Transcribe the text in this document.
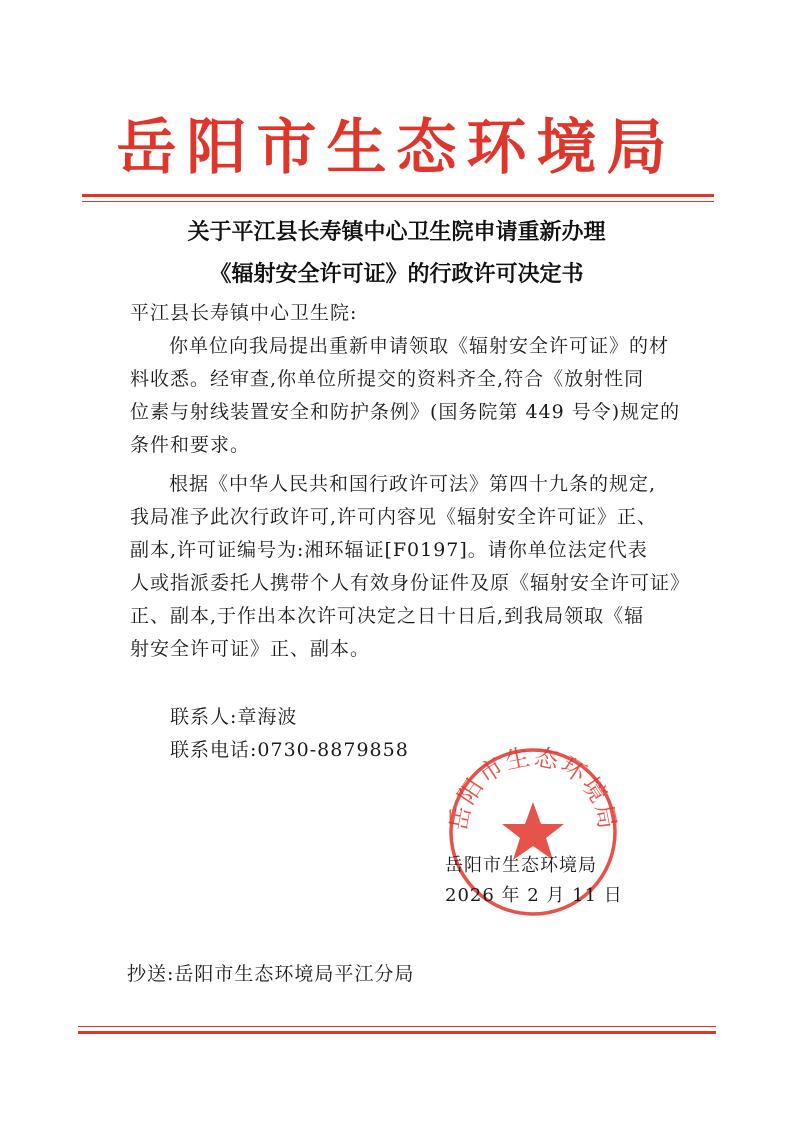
岳阳市生态环境局
关于平江县长寿镇中心卫生院申请重新办理
《辐射安全许可证》的行政许可决定书
平江县长寿镇中心卫生院:
你单位向我局提出重新申请领取《辐射安全许可证》的材
料收悉。经审查,你单位所提交的资料齐全,符合《放射性同
位素与射线装置安全和防护条例》(国务院第 449 号令)规定的
条件和要求。
根据《中华人民共和国行政许可法》第四十九条的规定,
我局准予此次行政许可,许可内容见《辐射安全许可证》正、
副本,许可证编号为:湘环辐证[F0197]。请你单位法定代表
人或指派委托人携带个人有效身份证件及原《辐射安全许可证》
正、副本,于作出本次许可决定之日十日后,到我局领取《辐
射安全许可证》正、副本。
联系人:章海波
联系电话:0730-8879858
岳阳市生态环境局
岳阳市生态环境局
2026 年 2 月 11 日
抄送:岳阳市生态环境局平江分局
